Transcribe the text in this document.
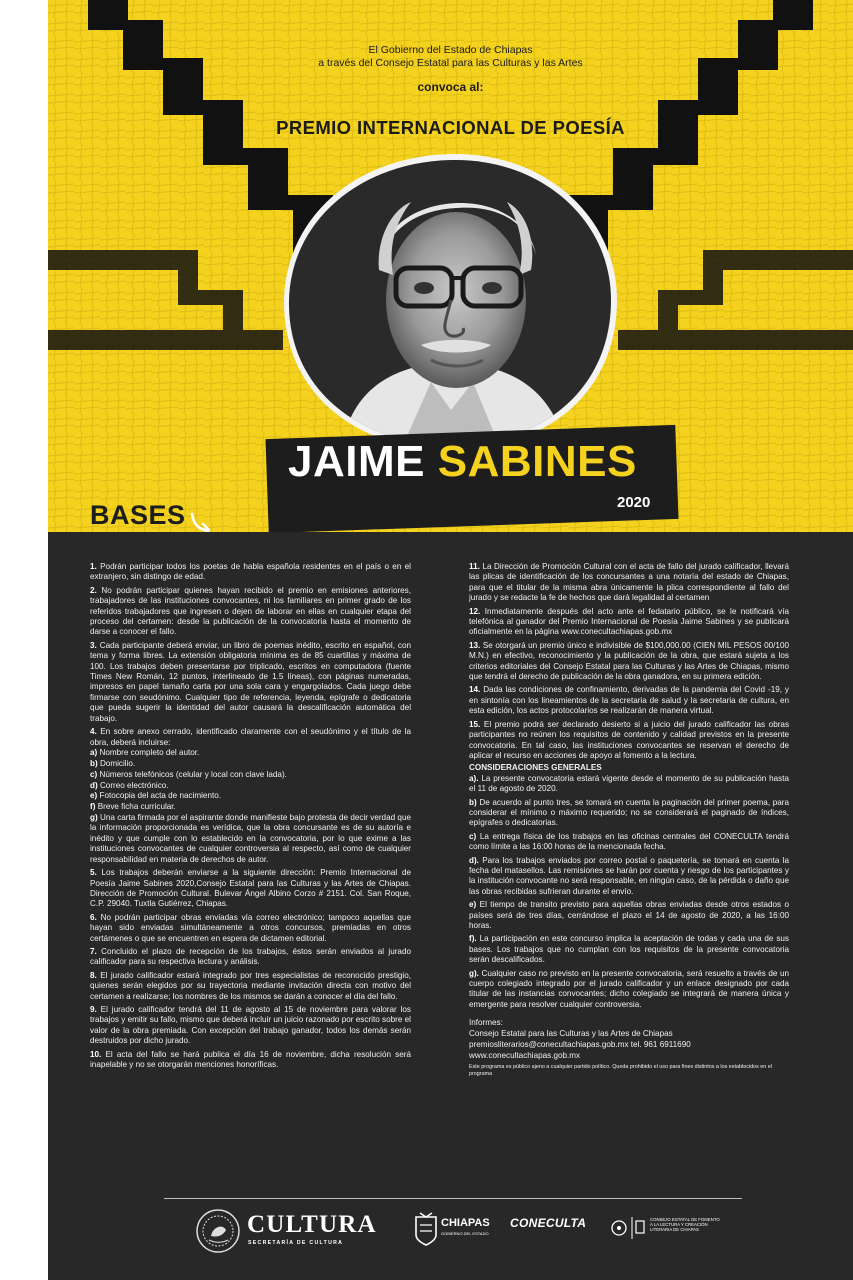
El Gobierno del Estado de Chiapas
a través del Consejo Estatal para las Culturas y las Artes
convoca al:
PREMIO INTERNACIONAL DE POESÍA
JAIME SABINES
2020
BASES

1. Podrán participar todos los poetas de habla española residentes en el país o en el extranjero, sin distingo de edad.

2. No podrán participar quienes hayan recibido el premio en emisiones anteriores, trabajadores de las instituciones convocantes, ni los familiares en primer grado de los referidos trabajadores que ingresen o dejen de laborar en ellas en cualquier etapa del proceso del certamen: desde la publicación de la convocatoria hasta el momento de darse a conocer el fallo.

3. Cada participante deberá enviar, un libro de poemas inédito, escrito en español, con tema y forma libres. La extensión obligatoria mínima es de 85 cuartillas y máxima de 100. Los trabajos deben presentarse por triplicado, escritos en computadora (fuente Times New Román, 12 puntos, interlineado de 1.5 líneas), con páginas numeradas, impresos en papel tamaño carta por una sola cara y engargolados. Cada juego debe firmarse con seudónimo. Cualquier tipo de referencia, leyenda, epígrafe o dedicatoria que pueda sugerir la identidad del autor causará la descalificación automática del trabajo.

4. En sobre anexo cerrado, identificado claramente con el seudónimo y el título de la obra, deberá incluirse:

a) Nombre completo del autor.

b) Domicilio.

c) Números telefónicos (celular y local con clave lada).

d) Correo electrónico.

e) Fotocopia del acta de nacimiento.

f) Breve ficha curricular.

g) Una carta firmada por el aspirante donde manifieste bajo protesta de decir verdad que la información proporcionada es verídica, que la obra concursante es de su autoría e inédito y que cumple con lo establecido en la convocatoria, por lo que exime a las instituciones convocantes de cualquier controversia al respecto, así como de cualquier responsabilidad en materia de derechos de autor.

5. Los trabajos deberán enviarse a la siguiente dirección: Premio Internacional de Poesía Jaime Sabines 2020,Consejo Estatal para las Culturas y las Artes de Chiapas. Dirección de Promoción Cultural. Bulevar Ángel Albino Corzo # 2151. Col. San Roque, C.P. 29040. Tuxtla Gutiérrez, Chiapas.

6. No podrán participar obras enviadas vía correo electrónico; tampoco aquellas que hayan sido enviadas simultáneamente a otros concursos, premiadas en otros certámenes o que se encuentren en espera de dictamen editorial.

7. Concluido el plazo de recepción de los trabajos, éstos serán enviados al jurado calificador para su respectiva lectura y análisis.

8. El jurado calificador estará integrado por tres especialistas de reconocido prestigio, quienes serán elegidos por su trayectoria mediante invitación directa con motivo del certamen a realizarse; los nombres de los mismos se darán a conocer el día del fallo.

9. El jurado calificador tendrá del 11 de agosto al 15 de noviembre para valorar los trabajos y emitir su fallo, mismo que deberá incluir un juicio razonado por escrito sobre el valor de la obra premiada. Con excepción del trabajo ganador, todos los demás serán destruidos por dicho jurado.

10. El acta del fallo se hará publica el día 16 de noviembre, dicha resolución será inapelable y no se otorgarán menciones honoríficas.

11. La Dirección de Promoción Cultural con el acta de fallo del jurado calificador, llevará las plicas de identificación de los concursantes a una notaría del estado de Chiapas, para que el titular de la misma abra únicamente la plica correspondiente al fallo del jurado y se redacte la fe de hechos que dará legalidad al certamen

12. Inmediatamente después del acto ante el fedatario público, se le notificará vía telefónica al ganador del Premio Internacional de Poesía Jaime Sabines y se publicará oficialmente en la página www.conecultachiapas.gob.mx

13. Se otorgará un premio único e indivisible de $100,000.00 (CIEN MIL PESOS 00/100 M.N.) en efectivo, reconocimiento y la publicación de la obra, que estará sujeta a los criterios editoriales del Consejo Estatal para las Culturas y las Artes de Chiapas, mismo que tendrá el derecho de publicación de la obra ganadora, en su primera edición.

14. Dada las condiciones de confinamiento, derivadas de la pandemia del Covid -19, y en sintonía con los lineamientos de la secretaria de salud y la secretaria de cultura, en esta edición, los actos protocolarios se realizarán de manera virtual.

15. El premio podrá ser declarado desierto si a juicio del jurado calificador las obras participantes no reúnen los requisitos de contenido y calidad previstos en la presente convocatoria. En tal caso, las instituciones convocantes se reservan el derecho de aplicar el recurso en acciones de apoyo al fomento a la lectura.

CONSIDERACIONES GENERALES

a). La presente convocatoria estará vigente desde el momento de su publicación hasta el 11 de agosto de 2020.

b) De acuerdo al punto tres, se tomará en cuenta la paginación del primer poema, para considerar el mínimo o máximo requerido; no se considerará el paginado de índices, epígrafes o dedicatorias.

c) La entrega física de los trabajos en las oficinas centrales del CONECULTA tendrá como límite a las 16:00 horas de la mencionada fecha.

d). Para los trabajos enviados por correo postal o paquetería, se tomará en cuenta la fecha del matasellos. Las remisiones se harán por cuenta y riesgo de los participantes y la institución convocante no será responsable, en ningún caso, de la pérdida o daño que las obras recibidas sufrieran durante el envío.

e) El tiempo de transito previsto para aquellas obras enviadas desde otros estados o países será de tres días, cerrándose el plazo el 14 de agosto de 2020, a las 16:00 horas.

f). La participación en este concurso implica la aceptación de todas y cada una de sus bases. Los trabajos que no cumplan con los requisitos de la presente convocatoria serán descalificados.

g). Cualquier caso no previsto en la presente convocatoria, será resuelto a través de un cuerpo colegiado integrado por el jurado calificador y un enlace designado por cada titular de las instancias convocantes; dicho colegiado se integrará de manera única y emergente para resolver cualquier controversia.

Informes:

Consejo Estatal para las Culturas y las Artes de Chiapas

premiosliterarios@conecultachiapas.gob.mx tel. 961 6911690

www.conecultachiapas.gob.mx

Este programa es público ajeno a cualquier partido político. Queda prohibido el uso para fines distintos a los establecidos en el programa

CULTURA
SECRETARÍA DE CULTURA
CHIAPAS
GOBIERNO DEL ESTADO
CONECULTA	CONSEJO ESTATAL DE FOMENTO A LA LECTURA Y CREACIÓN LITERARIA DE CHIAPAS
